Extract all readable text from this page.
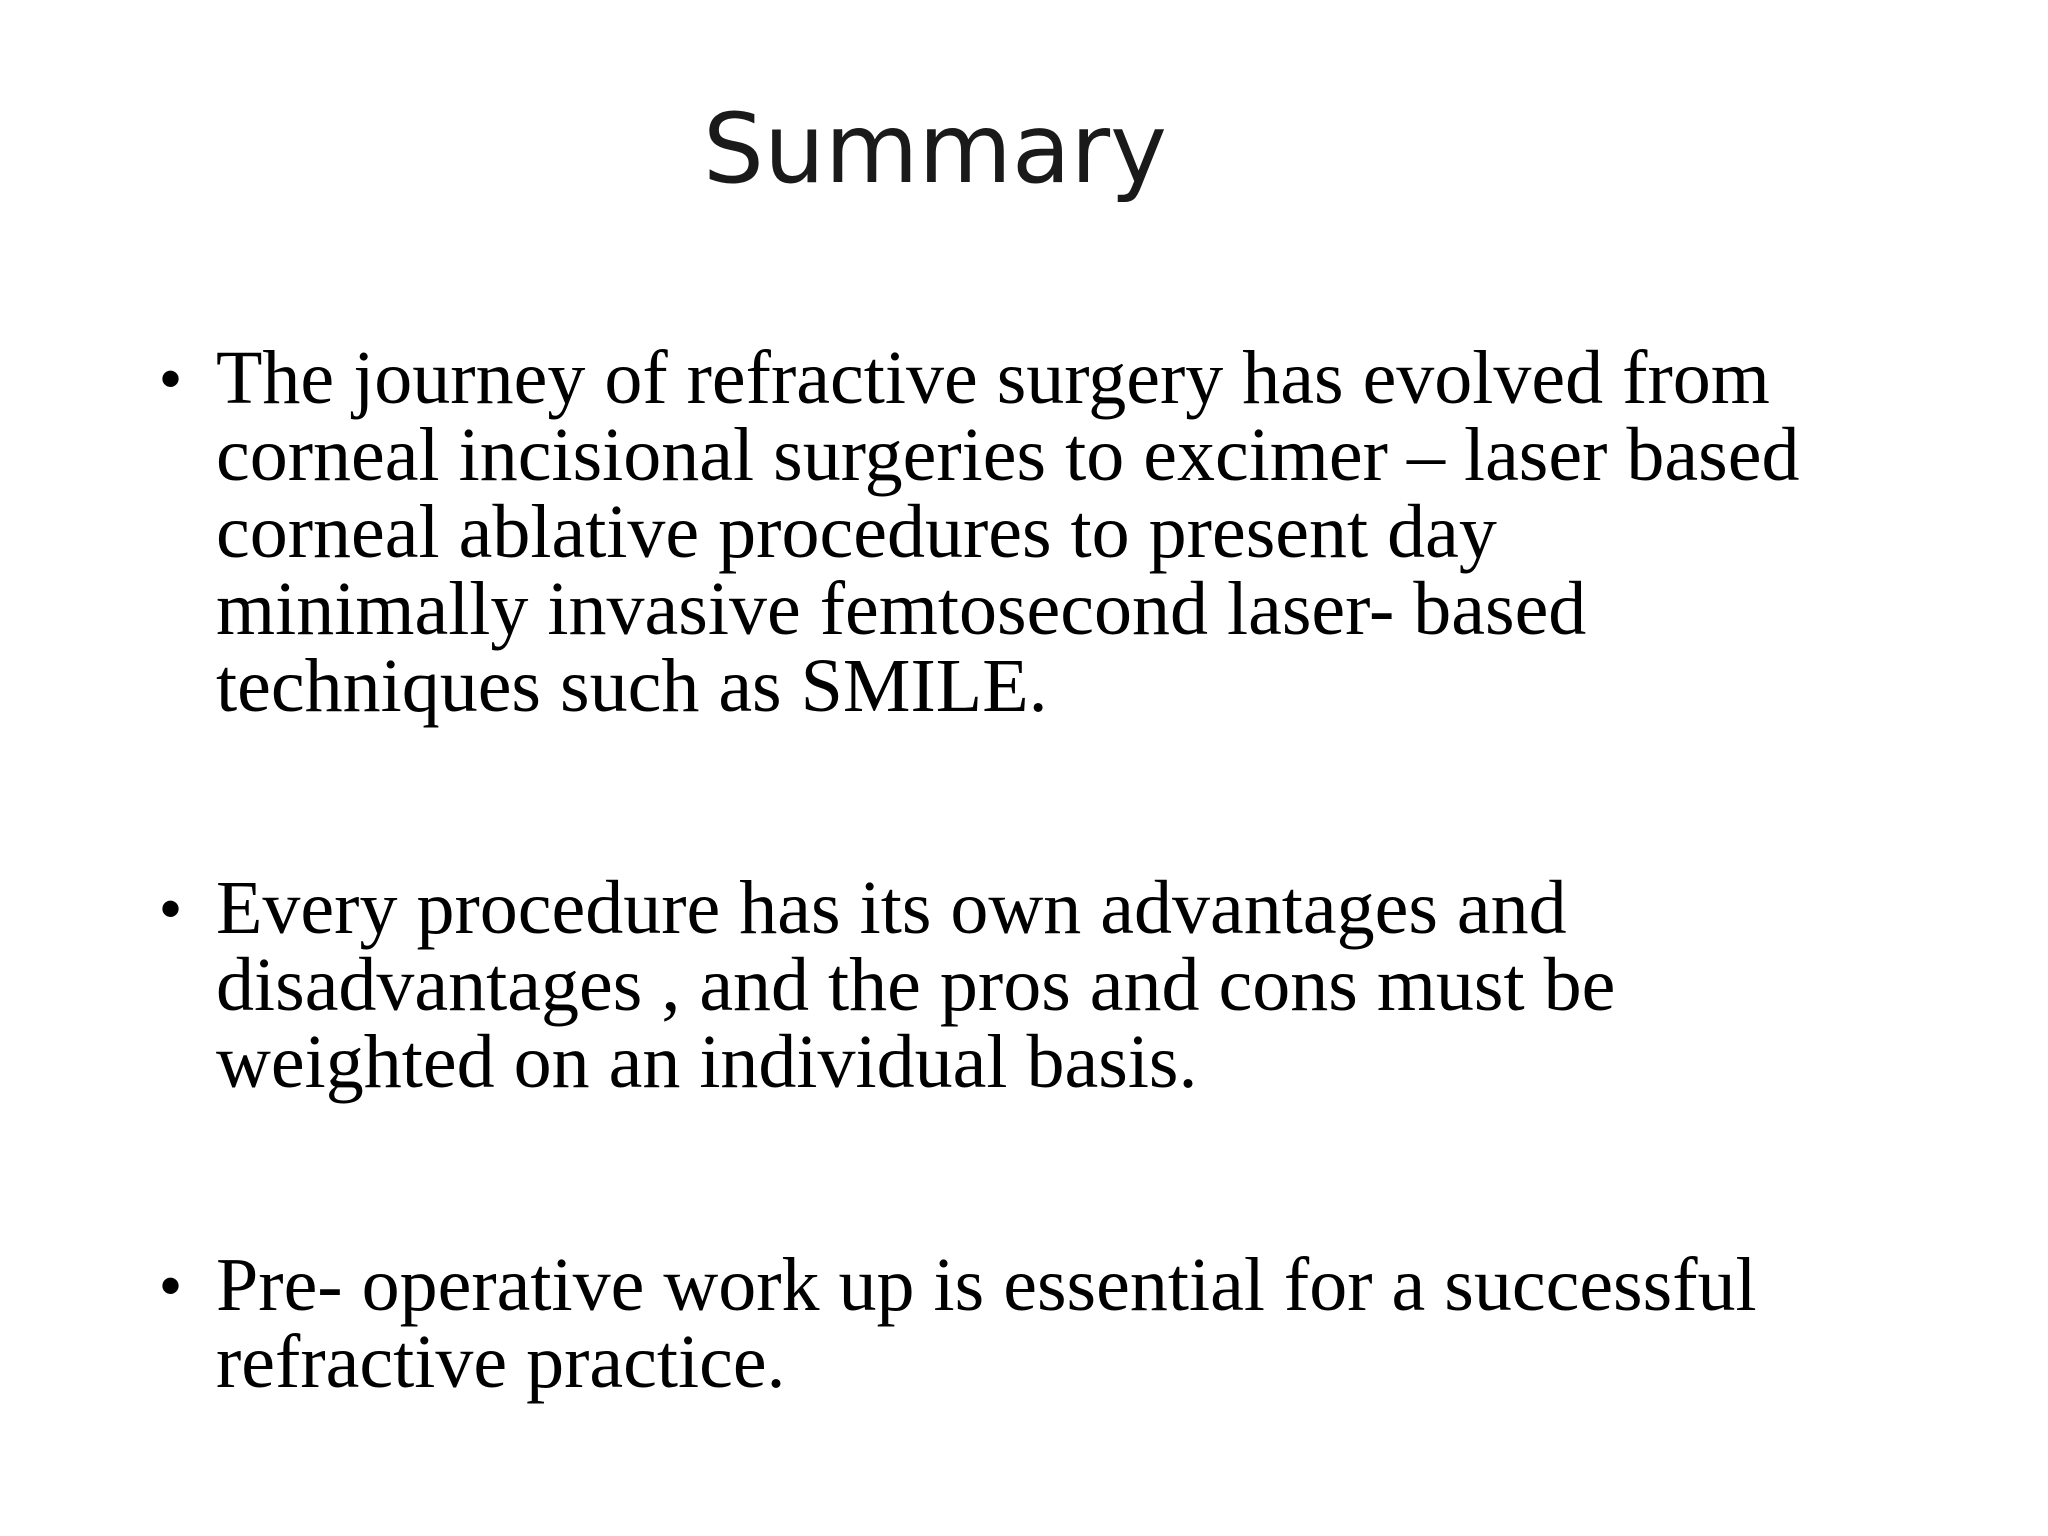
Summary
• The journey of refractive surgery has evolved from
corneal incisional surgeries to excimer – laser based
corneal ablative procedures to present day
minimally invasive femtosecond laser- based
techniques such as SMILE.
• Every procedure has its own advantages and
disadvantages , and the pros and cons must be
weighted on an individual basis.
• Pre- operative work up is essential for a successful
refractive practice.
